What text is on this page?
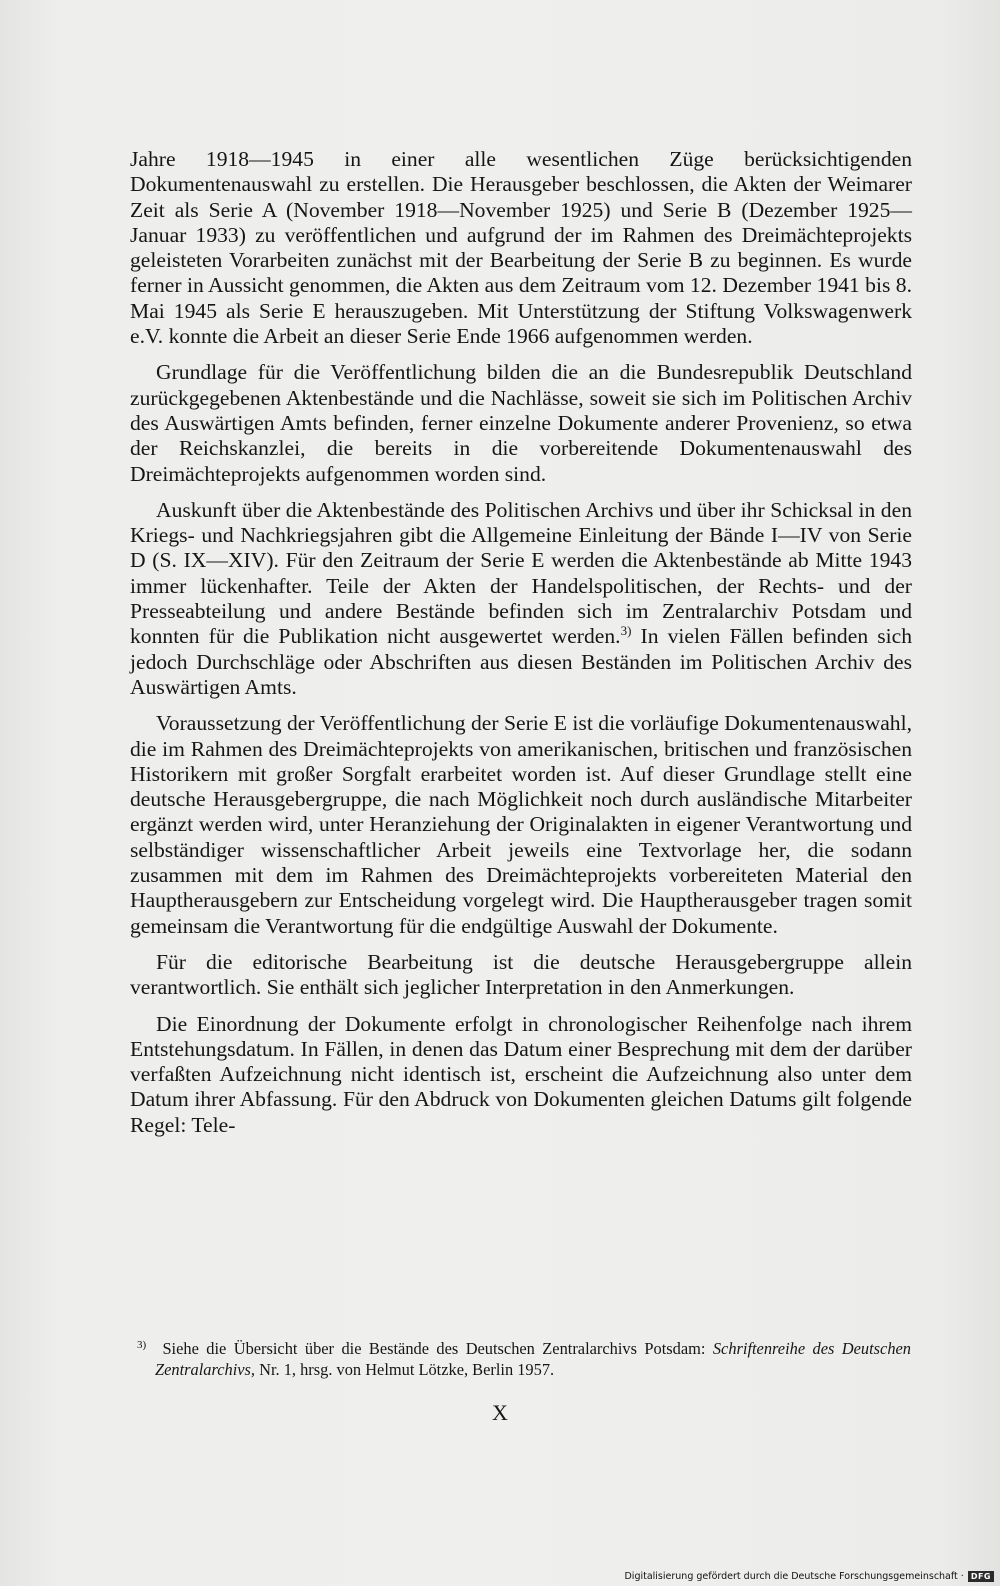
Jahre 1918—1945 in einer alle wesentlichen Züge berücksichtigenden Dokumentenauswahl zu erstellen. Die Herausgeber beschlossen, die Akten der Weimarer Zeit als Serie A (November 1918—November 1925) und Serie B (Dezember 1925—Januar 1933) zu veröffentlichen und aufgrund der im Rahmen des Dreimächteprojekts geleisteten Vorarbeiten zunächst mit der Bearbeitung der Serie B zu beginnen. Es wurde ferner in Aussicht genommen, die Akten aus dem Zeitraum vom 12. Dezember 1941 bis 8. Mai 1945 als Serie E herauszugeben. Mit Unterstützung der Stiftung Volkswagenwerk e.V. konnte die Arbeit an dieser Serie Ende 1966 aufgenommen werden.

Grundlage für die Veröffentlichung bilden die an die Bundesrepublik Deutschland zurückgegebenen Aktenbestände und die Nachlässe, soweit sie sich im Politischen Archiv des Auswärtigen Amts befinden, ferner einzelne Dokumente anderer Provenienz, so etwa der Reichskanzlei, die bereits in die vorbereitende Dokumentenauswahl des Dreimächteprojekts aufgenommen worden sind.

Auskunft über die Aktenbestände des Politischen Archivs und über ihr Schicksal in den Kriegs- und Nachkriegsjahren gibt die Allgemeine Einleitung der Bände I—IV von Serie D (S. IX—XIV). Für den Zeitraum der Serie E werden die Aktenbestände ab Mitte 1943 immer lückenhafter. Teile der Akten der Handelspolitischen, der Rechts- und der Presseabteilung und andere Bestände befinden sich im Zentralarchiv Potsdam und konnten für die Publikation nicht ausgewertet werden.$^{3)}$ In vielen Fällen befinden sich jedoch Durchschläge oder Abschriften aus diesen Beständen im Politischen Archiv des Auswärtigen Amts.

Voraussetzung der Veröffentlichung der Serie E ist die vorläufige Dokumentenauswahl, die im Rahmen des Dreimächteprojekts von amerikanischen, britischen und französischen Historikern mit großer Sorgfalt erarbeitet worden ist. Auf dieser Grundlage stellt eine deutsche Herausgebergruppe, die nach Möglichkeit noch durch ausländische Mitarbeiter ergänzt werden wird, unter Heranziehung der Originalakten in eigener Verantwortung und selbständiger wissenschaftlicher Arbeit jeweils eine Textvorlage her, die sodann zusammen mit dem im Rahmen des Dreimächteprojekts vorbereiteten Material den Hauptherausgebern zur Entscheidung vorgelegt wird. Die Hauptherausgeber tragen somit gemeinsam die Verantwortung für die endgültige Auswahl der Dokumente.

Für die editorische Bearbeitung ist die deutsche Herausgebergruppe allein verantwortlich. Sie enthält sich jeglicher Interpretation in den Anmerkungen.

Die Einordnung der Dokumente erfolgt in chronologischer Reihenfolge nach ihrem Entstehungsdatum. In Fällen, in denen das Datum einer Besprechung mit dem der darüber verfaßten Aufzeichnung nicht identisch ist, erscheint die Aufzeichnung also unter dem Datum ihrer Abfassung. Für den Abdruck von Dokumenten gleichen Datums gilt folgende Regel: Tele-

3) Siehe die Übersicht über die Bestände des Deutschen Zentralarchivs Potsdam: Schriftenreihe des Deutschen Zentralarchivs, Nr. 1, hrsg. von Helmut Lötzke, Berlin 1957.
X
Digitalisierung gefördert durch die Deutsche Forschungsgemeinschaft · DFG
